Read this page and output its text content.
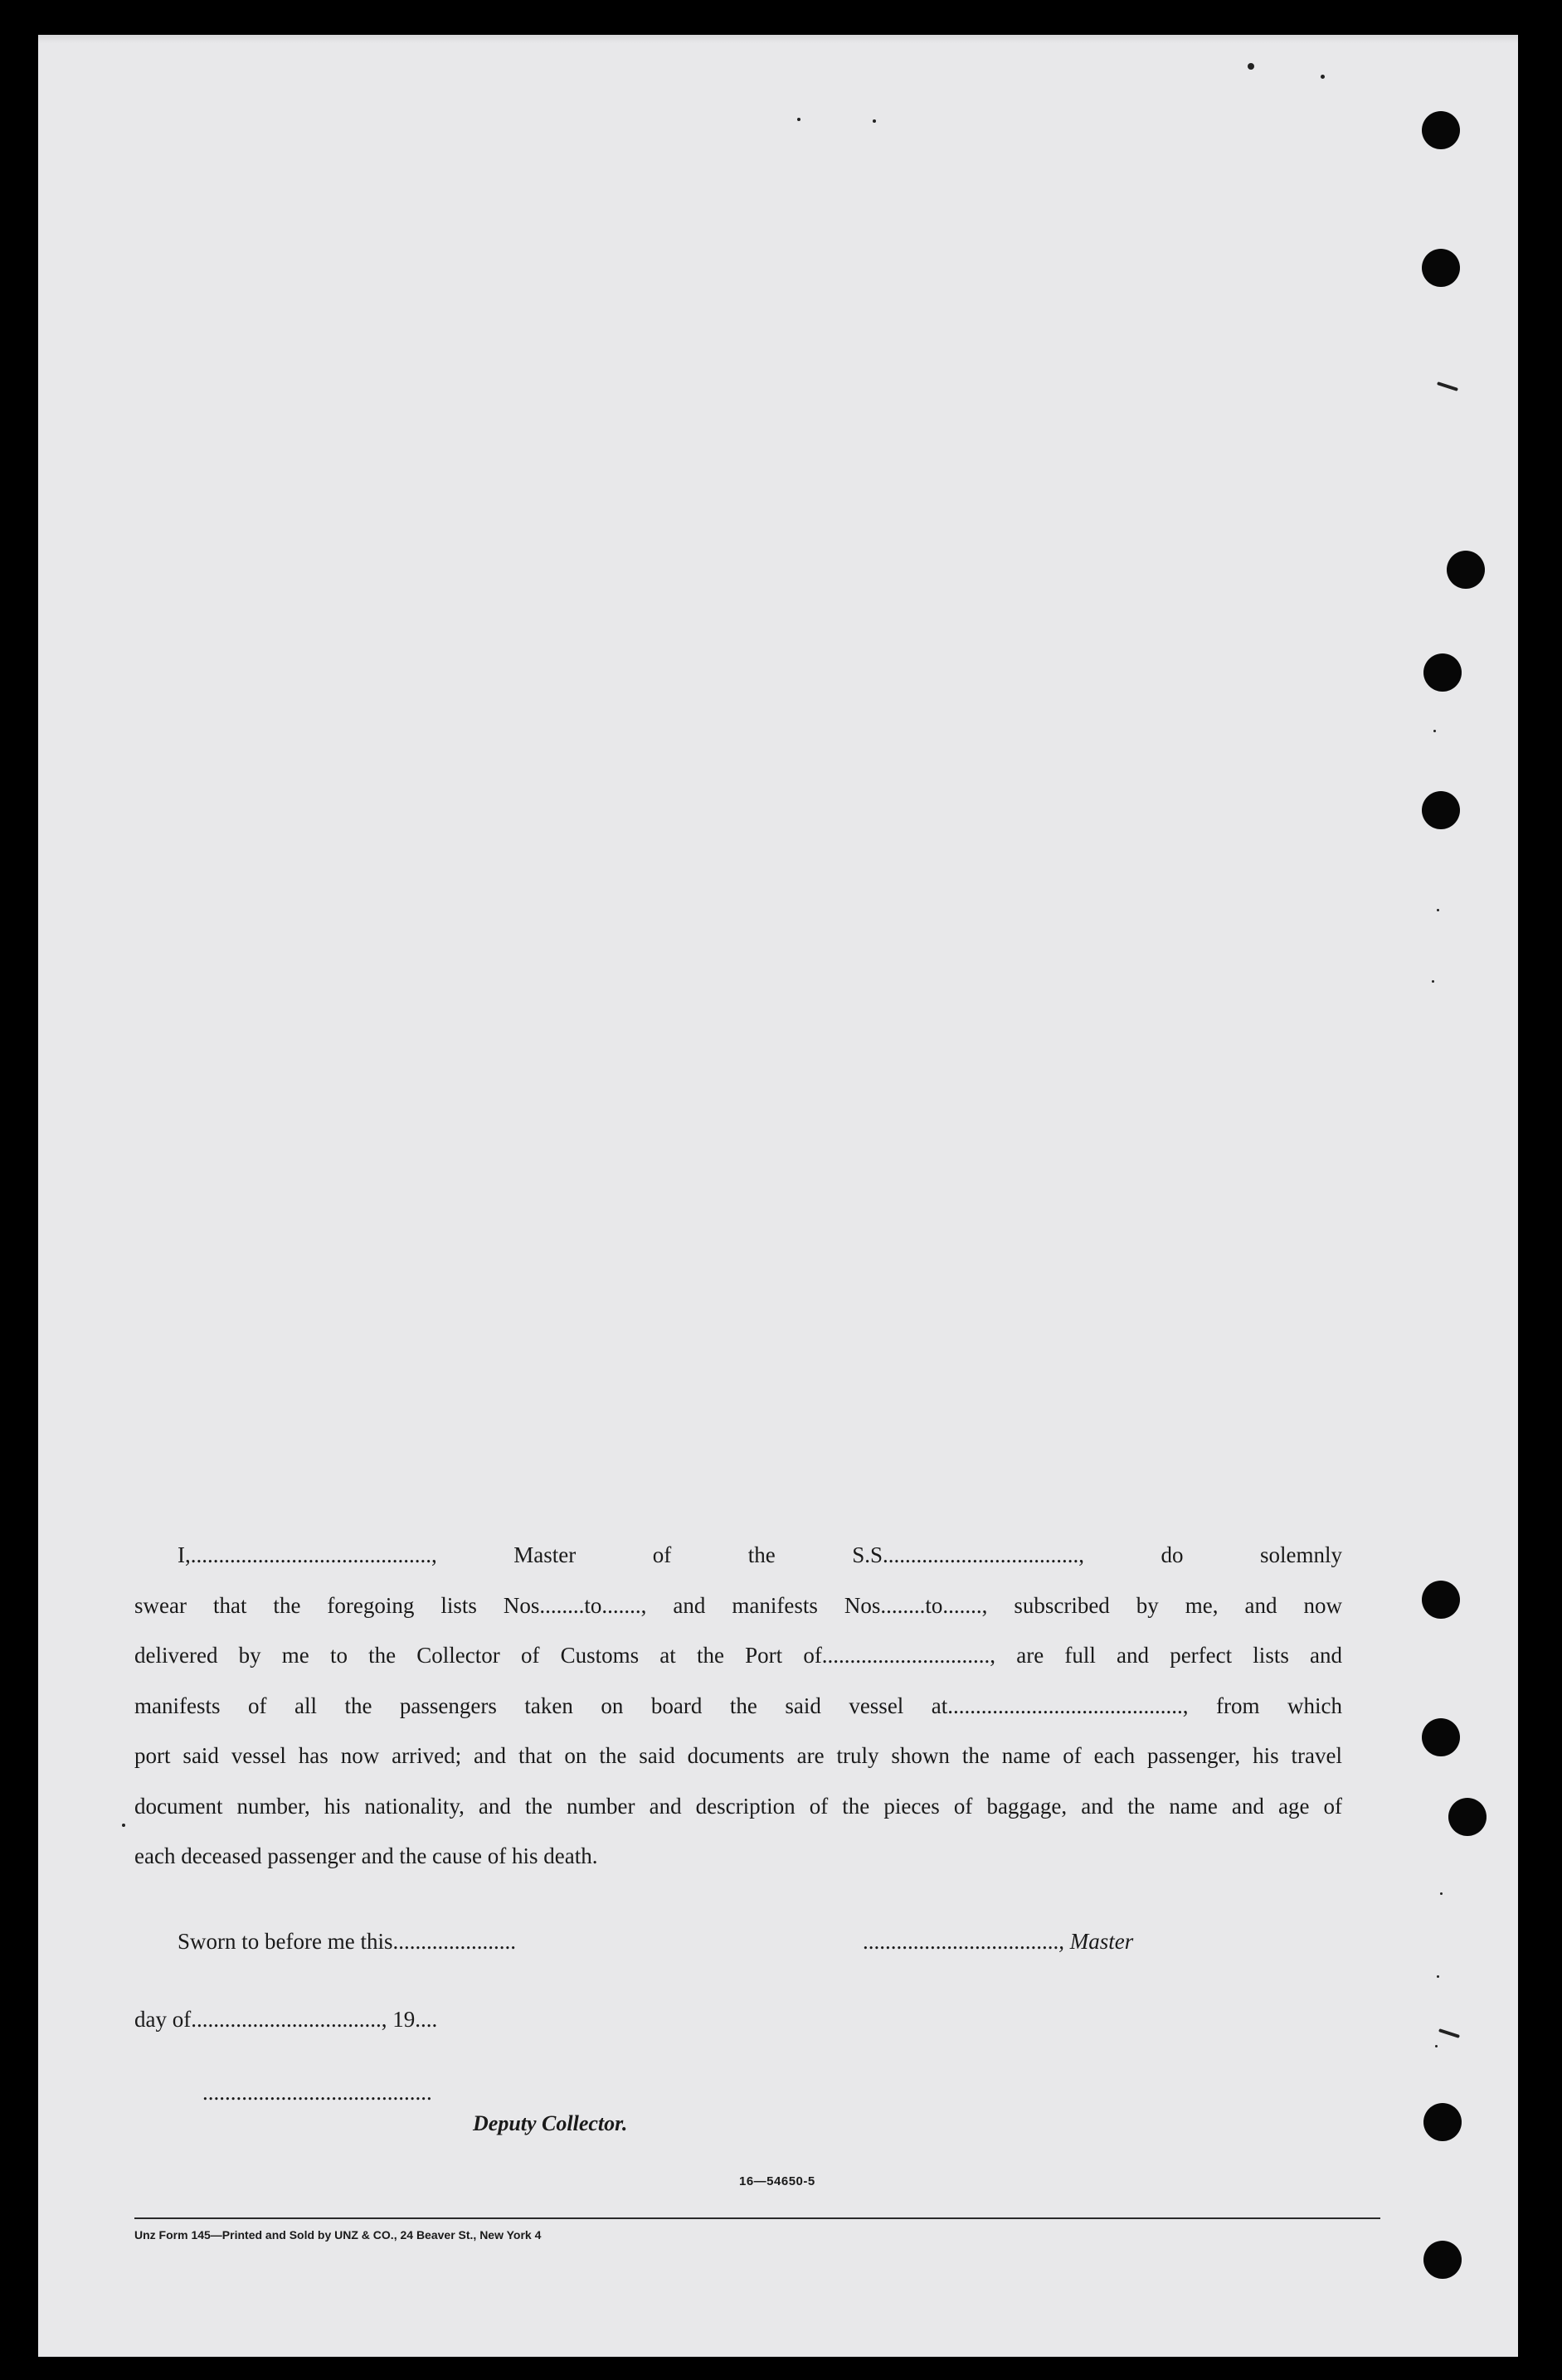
I,..........................................., Master of the S.S..................................., do solemnly
swear that the foregoing lists Nos........to......., and manifests Nos........to......., subscribed by me, and now
delivered by me to the Collector of Customs at the Port of.............................., are full and perfect lists and
manifests of all the passengers taken on board the said vessel at.........................................., from which
port said vessel has now arrived; and that on the said documents are truly shown the name of each passenger, his travel
document number, his nationality, and the number and description of the pieces of baggage, and the name and age of
each deceased passenger and the cause of his death.
Sworn to before me this......................	..................................., Master
day of.................................., 19....
.........................................
Deputy Collector.
16—54650-5
Unz Form 145—Printed and Sold by UNZ & CO., 24 Beaver St., New York 4
